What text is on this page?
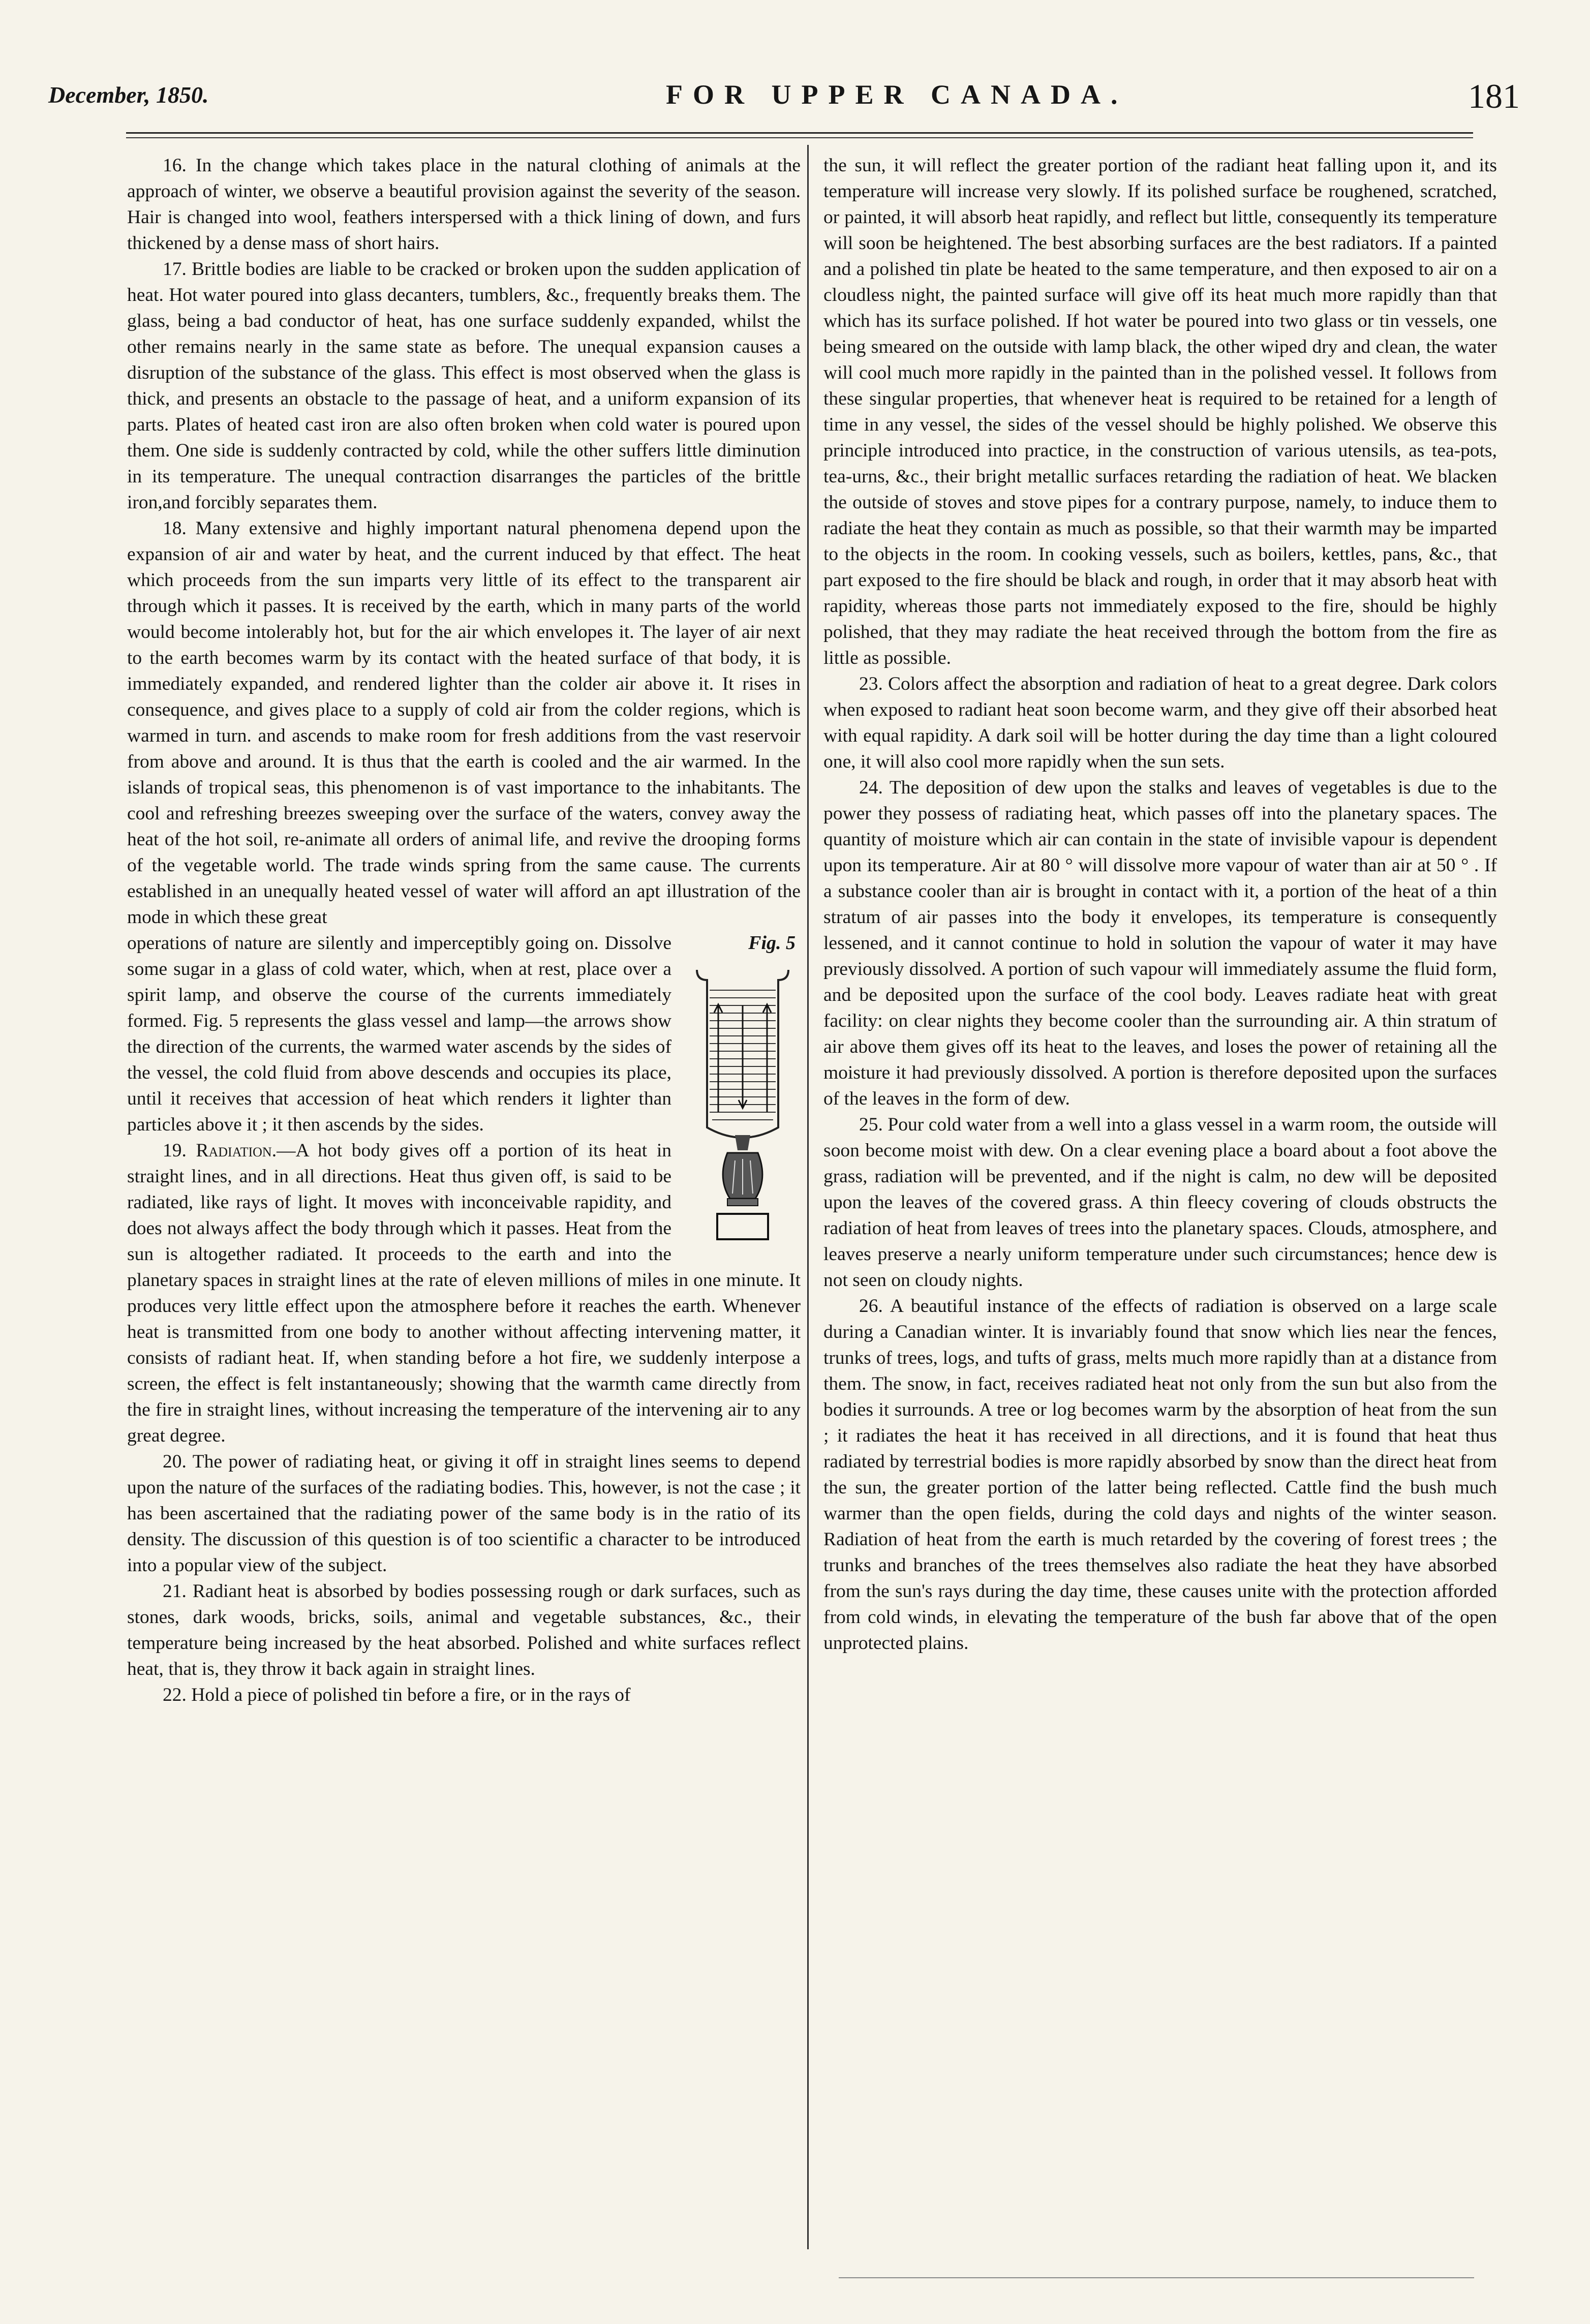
December, 1850.	FOR UPPER CANADA.	181

16. In the change which takes place in the natural clothing of animals at the approach of winter, we observe a beautiful provision against the severity of the season. Hair is changed into wool, feathers interspersed with a thick lining of down, and furs thickened by a dense mass of short hairs.

17. Brittle bodies are liable to be cracked or broken upon the sudden application of heat. Hot water poured into glass decanters, tumblers, &c., frequently breaks them. The glass, being a bad conductor of heat, has one surface suddenly expanded, whilst the other remains nearly in the same state as before. The unequal expansion causes a disruption of the substance of the glass. This effect is most observed when the glass is thick, and presents an obstacle to the passage of heat, and a uniform expansion of its parts. Plates of heated cast iron are also often broken when cold water is poured upon them. One side is suddenly contracted by cold, while the other suffers little diminution in its temperature. The unequal contraction disarranges the particles of the brittle iron,and forcibly separates them.

18. Many extensive and highly important natural phenomena depend upon the expansion of air and water by heat, and the current induced by that effect. The heat which proceeds from the sun imparts very little of its effect to the transparent air through which it passes. It is received by the earth, which in many parts of the world would become intolerably hot, but for the air which envelopes it. The layer of air next to the earth becomes warm by its contact with the heated surface of that body, it is immediately expanded, and rendered lighter than the colder air above it. It rises in consequence, and gives place to a supply of cold air from the colder regions, which is warmed in turn. and ascends to make room for fresh additions from the vast reservoir from above and around. It is thus that the earth is cooled and the air warmed. In the islands of tropical seas, this phenomenon is of vast importance to the inhabitants. The cool and refreshing breezes sweeping over the surface of the waters, convey away the heat of the hot soil, re-animate all orders of animal life, and revive the drooping forms of the vegetable world. The trade winds spring from the same cause. The currents established in an unequally heated vessel of water will afford an apt illustration of the mode in which these great

Fig. 5

operations of nature are silently and imperceptibly going on. Dissolve some sugar in a glass of cold water, which, when at rest, place over a spirit lamp, and observe the course of the currents immediately formed. Fig. 5 represents the glass vessel and lamp—the arrows show the direction of the currents, the warmed water ascends by the sides of the vessel, the cold fluid from above descends and occupies its place, until it receives that accession of heat which renders it lighter than particles above it ; it then ascends by the sides.

19. Radiation.—A hot body gives off a portion of its heat in straight lines, and in all directions. Heat thus given off, is said to be radiated, like rays of light. It moves with inconceivable rapidity, and does not always affect the body through which it passes. Heat from the sun is altogether radiated. It proceeds to the earth and into the planetary spaces in straight lines at the rate of eleven millions of miles in one minute. It produces very little effect upon the atmosphere before it reaches the earth. Whenever heat is transmitted from one body to another without affecting intervening matter, it consists of radiant heat. If, when standing before a hot fire, we suddenly interpose a screen, the effect is felt instantaneously; showing that the warmth came directly from the fire in straight lines, without increasing the temperature of the intervening air to any great degree.

20. The power of radiating heat, or giving it off in straight lines seems to depend upon the nature of the surfaces of the radiating bodies. This, however, is not the case ; it has been ascertained that the radiating power of the same body is in the ratio of its density. The discussion of this question is of too scientific a character to be introduced into a popular view of the subject.

21. Radiant heat is absorbed by bodies possessing rough or dark surfaces, such as stones, dark woods, bricks, soils, animal and vegetable substances, &c., their temperature being increased by the heat absorbed. Polished and white surfaces reflect heat, that is, they throw it back again in straight lines.

22. Hold a piece of polished tin before a fire, or in the rays of

the sun, it will reflect the greater portion of the radiant heat falling upon it, and its temperature will increase very slowly. If its polished surface be roughened, scratched, or painted, it will absorb heat rapidly, and reflect but little, consequently its temperature will soon be heightened. The best absorbing surfaces are the best radiators. If a painted and a polished tin plate be heated to the same temperature, and then exposed to air on a cloudless night, the painted surface will give off its heat much more rapidly than that which has its surface polished. If hot water be poured into two glass or tin vessels, one being smeared on the outside with lamp black, the other wiped dry and clean, the water will cool much more rapidly in the painted than in the polished vessel. It follows from these singular properties, that whenever heat is required to be retained for a length of time in any vessel, the sides of the vessel should be highly polished. We observe this principle introduced into practice, in the construction of various utensils, as tea-pots, tea-urns, &c., their bright metallic surfaces retarding the radiation of heat. We blacken the outside of stoves and stove pipes for a contrary purpose, namely, to induce them to radiate the heat they contain as much as possible, so that their warmth may be imparted to the objects in the room. In cooking vessels, such as boilers, kettles, pans, &c., that part exposed to the fire should be black and rough, in order that it may absorb heat with rapidity, whereas those parts not immediately exposed to the fire, should be highly polished, that they may radiate the heat received through the bottom from the fire as little as possible.

23. Colors affect the absorption and radiation of heat to a great degree. Dark colors when exposed to radiant heat soon become warm, and they give off their absorbed heat with equal rapidity. A dark soil will be hotter during the day time than a light coloured one, it will also cool more rapidly when the sun sets.

24. The deposition of dew upon the stalks and leaves of vegetables is due to the power they possess of radiating heat, which passes off into the planetary spaces. The quantity of moisture which air can contain in the state of invisible vapour is dependent upon its temperature. Air at 80 ° will dissolve more vapour of water than air at 50 ° . If a substance cooler than air is brought in contact with it, a portion of the heat of a thin stratum of air passes into the body it envelopes, its temperature is consequently lessened, and it cannot continue to hold in solution the vapour of water it may have previously dissolved. A portion of such vapour will immediately assume the fluid form, and be deposited upon the surface of the cool body. Leaves radiate heat with great facility: on clear nights they become cooler than the surrounding air. A thin stratum of air above them gives off its heat to the leaves, and loses the power of retaining all the moisture it had previously dissolved. A portion is therefore deposited upon the surfaces of the leaves in the form of dew.

25. Pour cold water from a well into a glass vessel in a warm room, the outside will soon become moist with dew. On a clear evening place a board about a foot above the grass, radiation will be prevented, and if the night is calm, no dew will be deposited upon the leaves of the covered grass. A thin fleecy covering of clouds obstructs the radiation of heat from leaves of trees into the planetary spaces. Clouds, atmosphere, and leaves preserve a nearly uniform temperature under such circumstances; hence dew is not seen on cloudy nights.

26. A beautiful instance of the effects of radiation is observed on a large scale during a Canadian winter. It is invariably found that snow which lies near the fences, trunks of trees, logs, and tufts of grass, melts much more rapidly than at a distance from them. The snow, in fact, receives radiated heat not only from the sun but also from the bodies it surrounds. A tree or log becomes warm by the absorption of heat from the sun ; it radiates the heat it has received in all directions, and it is found that heat thus radiated by terrestrial bodies is more rapidly absorbed by snow than the direct heat from the sun, the greater portion of the latter being reflected. Cattle find the bush much warmer than the open fields, during the cold days and nights of the winter season. Radiation of heat from the earth is much retarded by the covering of forest trees ; the trunks and branches of the trees themselves also radiate the heat they have absorbed from the sun's rays during the day time, these causes unite with the protection afforded from cold winds, in elevating the temperature of the bush far above that of the open unprotected plains.
